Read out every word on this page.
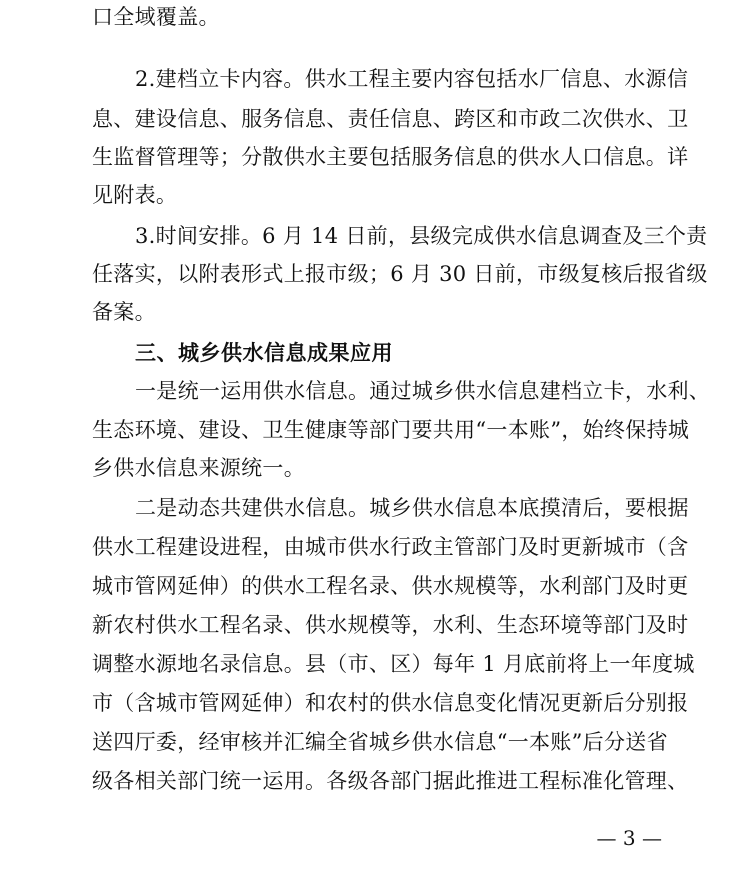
口全域覆盖。
2.建档立卡内容。供水工程主要内容包括水厂信息、水源信
息、建设信息、服务信息、责任信息、跨区和市政二次供水、卫
生监督管理等；分散供水主要包括服务信息的供水人口信息。详
见附表。
3.时间安排。6 月 14 日前，县级完成供水信息调查及三个责
任落实，以附表形式上报市级；6 月 30 日前，市级复核后报省级
备案。
三、城乡供水信息成果应用
一是统一运用供水信息。通过城乡供水信息建档立卡，水利、
生态环境、建设、卫生健康等部门要共用“一本账”，始终保持城
乡供水信息来源统一。
二是动态共建供水信息。城乡供水信息本底摸清后，要根据
供水工程建设进程，由城市供水行政主管部门及时更新城市（含
城市管网延伸）的供水工程名录、供水规模等，水利部门及时更
新农村供水工程名录、供水规模等，水利、生态环境等部门及时
调整水源地名录信息。县（市、区）每年 1 月底前将上一年度城
市（含城市管网延伸）和农村的供水信息变化情况更新后分别报
送四厅委，经审核并汇编全省城乡供水信息“一本账”后分送省
级各相关部门统一运用。各级各部门据此推进工程标准化管理、
— 3 —
